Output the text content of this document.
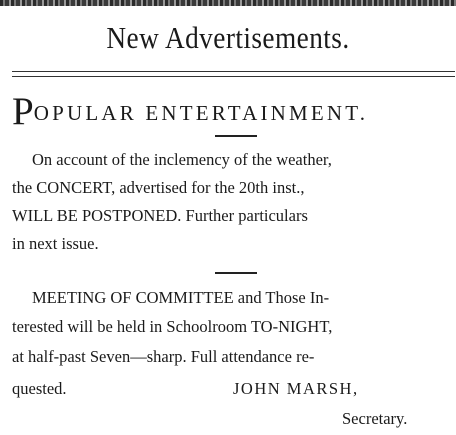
New Advertisements.
POPULAR ENTERTAINMENT.
On account of the inclemency of the weather,
the CONCERT, advertised for the 20th inst.,
WILL BE POSTPONED. Further particulars
in next issue.
MEETING OF COMMITTEE and Those In-
terested will be held in Schoolroom TO-NIGHT,
at half-past Seven—sharp. Full attendance re-
quested.	JOHN MARSH,
Secretary.
